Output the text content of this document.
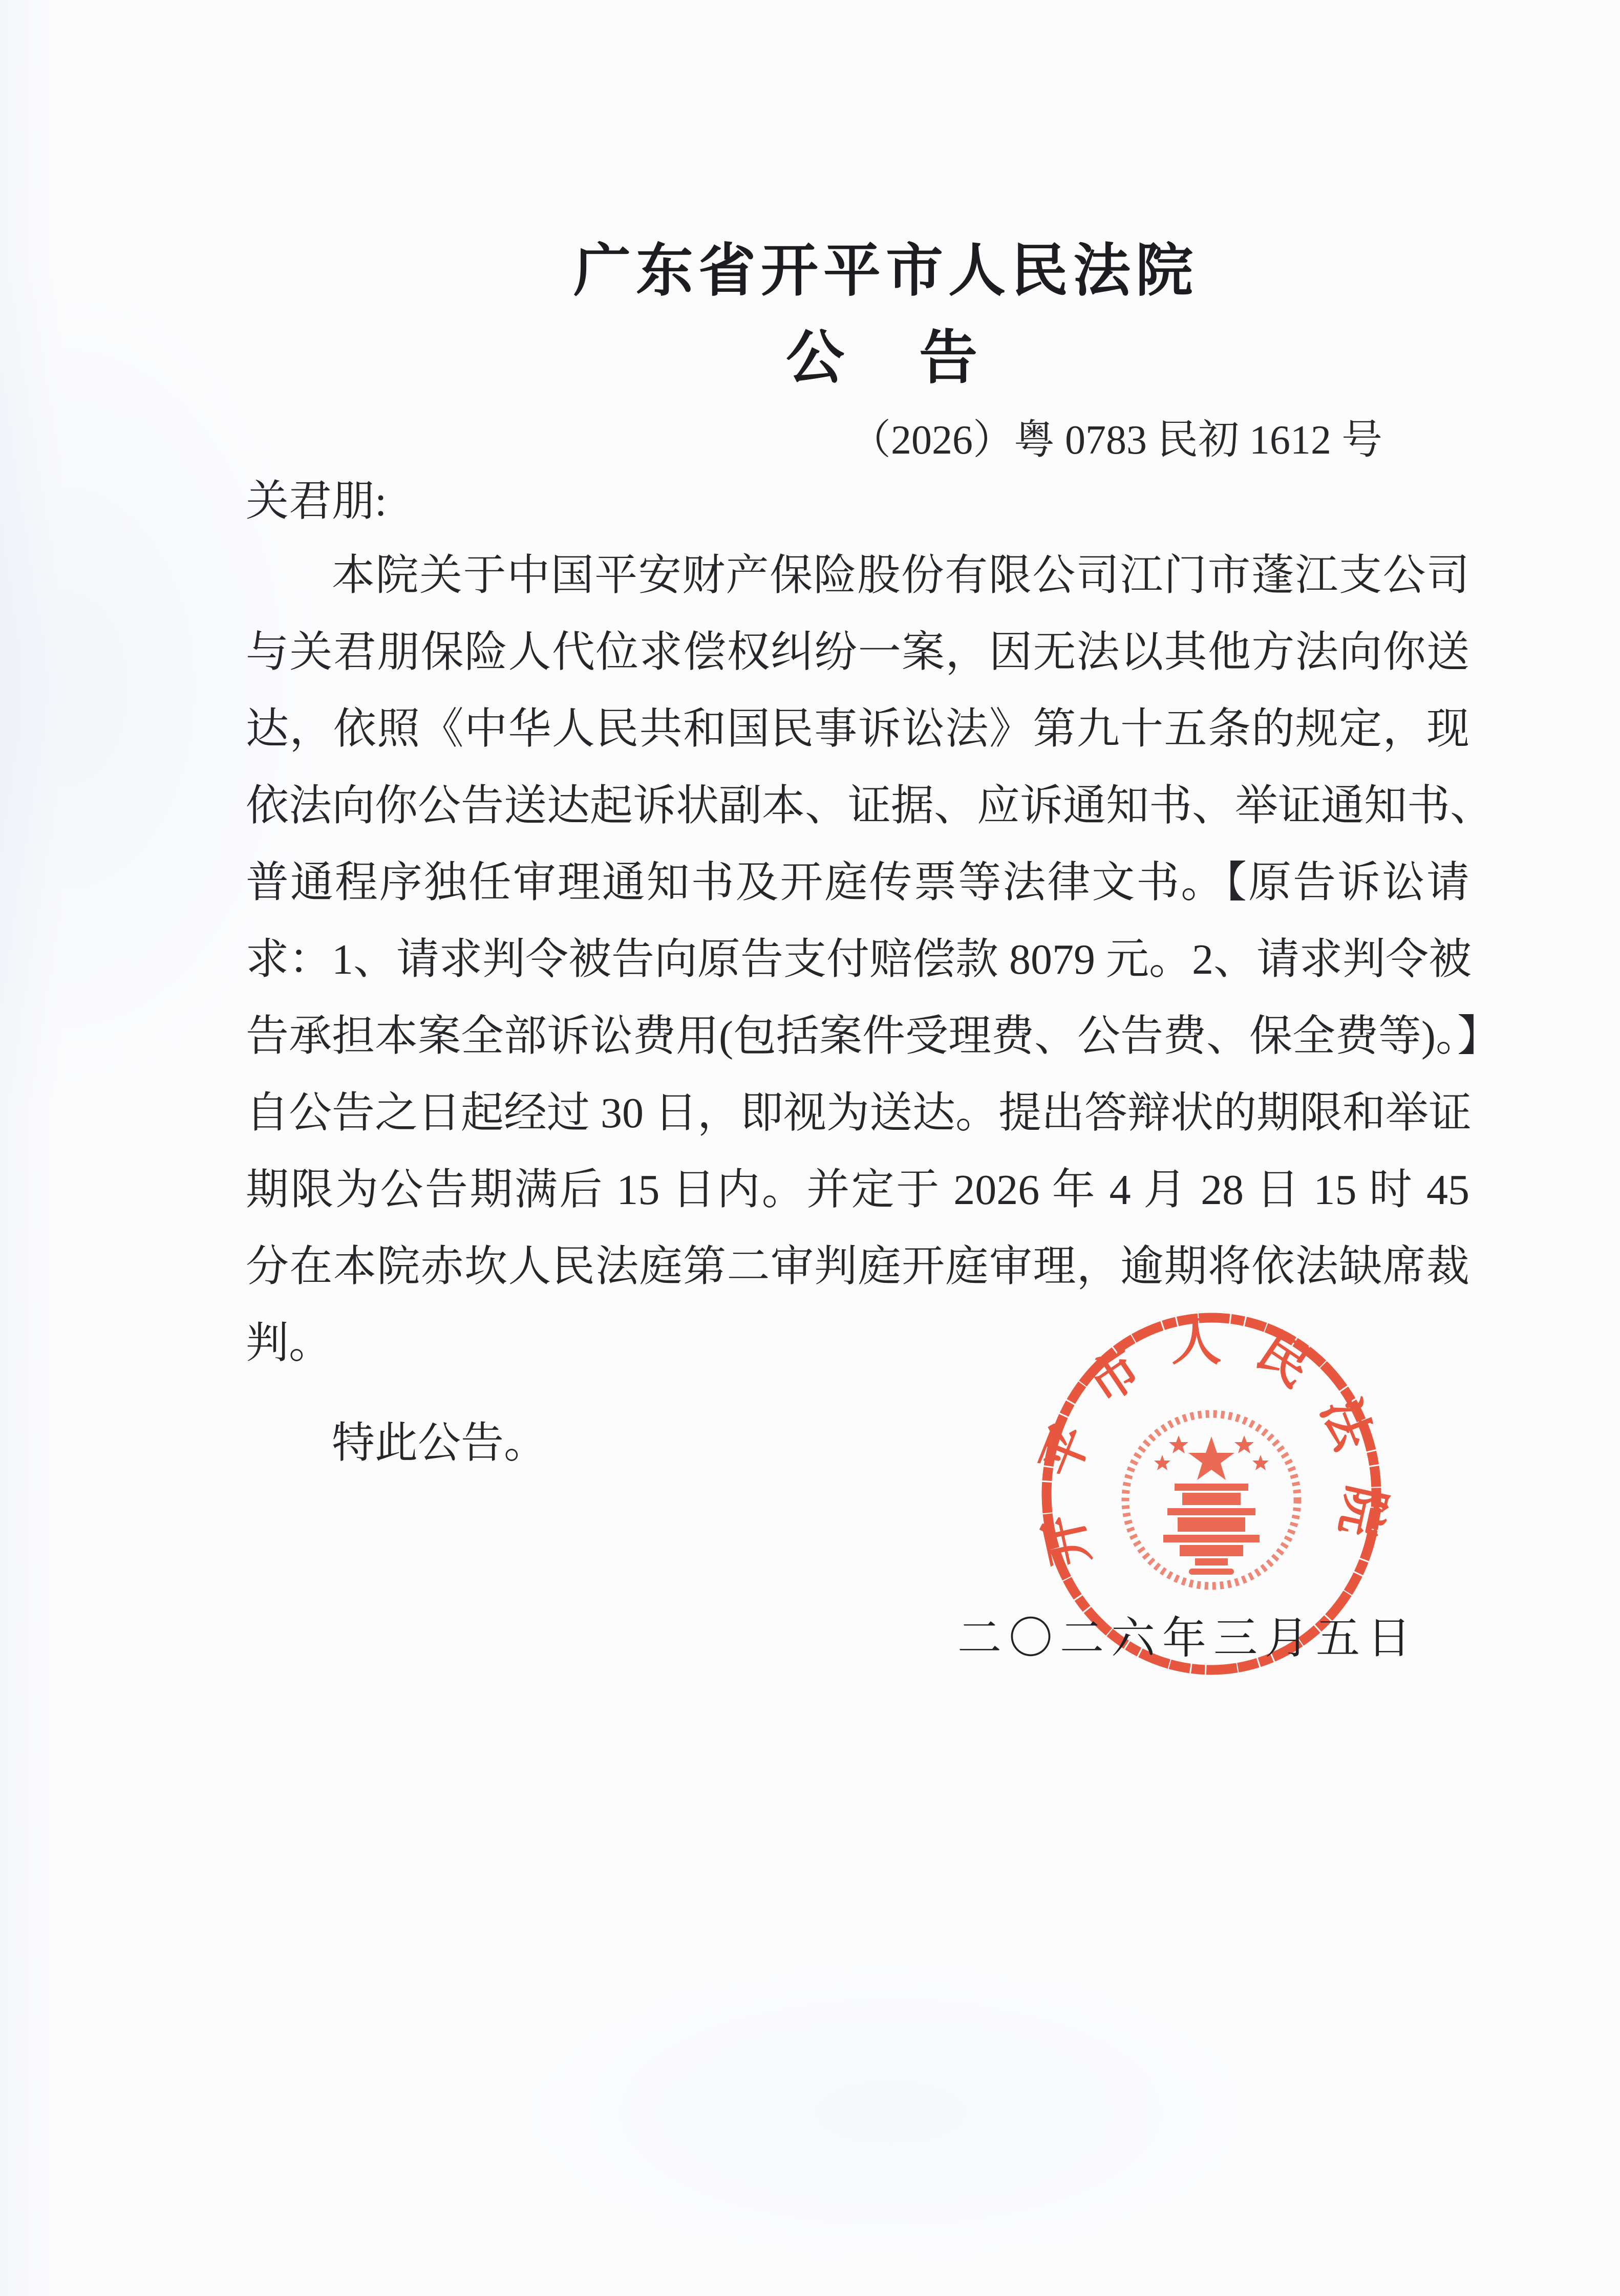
广东省开平市人民法院
公　告
（2026）粤 0783 民初 1612 号
关君朋:
本院关于中国平安财产保险股份有限公司江门市蓬江支公司
与关君朋保险人代位求偿权纠纷一案，因无法以其他方法向你送
达，依照《中华人民共和国民事诉讼法》第九十五条的规定，现
依法向你公告送达起诉状副本、证据、应诉通知书、举证通知书、
普通程序独任审理通知书及开庭传票等法律文书。【原告诉讼请
求：1、请求判令被告向原告支付赔偿款 8079 元。2、请求判令被
告承担本案全部诉讼费用(包括案件受理费、公告费、保全费等)。】
自公告之日起经过 30 日，即视为送达。提出答辩状的期限和举证
期限为公告期满后 15 日内。并定于 2026 年 4 月 28 日 15 时 45
分在本院赤坎人民法庭第二审判庭开庭审理，逾期将依法缺席裁
判。
特此公告。
开平市人民法院
二〇二六年三月五日
